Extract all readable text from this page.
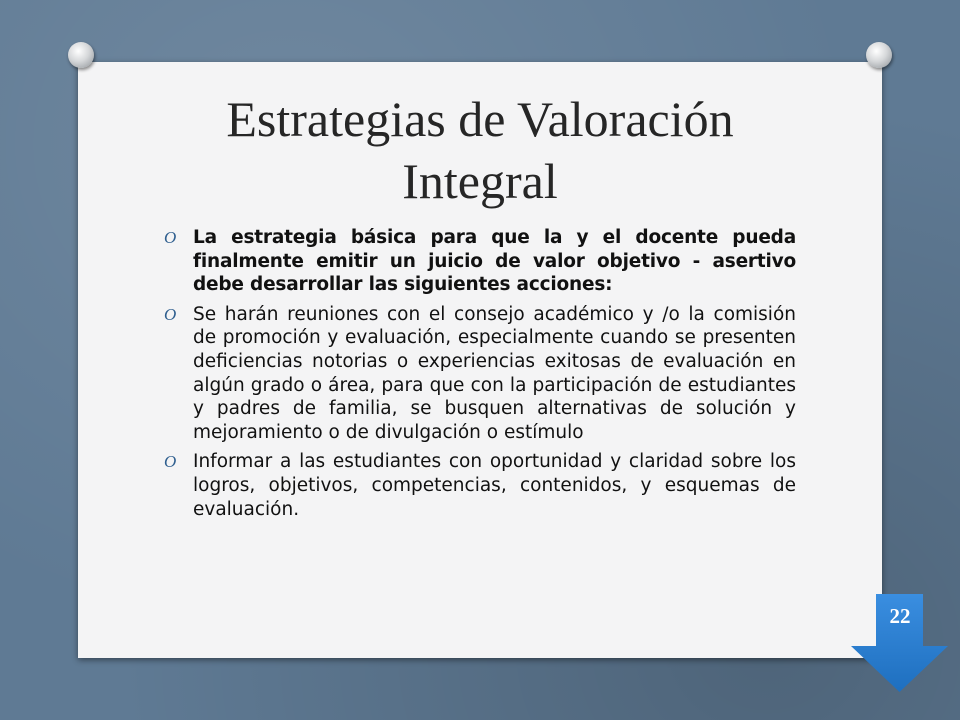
Estrategias de Valoración
Integral
O La estrategia básica para que la y el docente pueda finalmente emitir un juicio de valor objetivo - asertivo debe desarrollar las siguientes acciones:
O Se harán reuniones con el consejo académico y /o la comisión de promoción y evaluación, especialmente cuando se presenten deficiencias notorias o experiencias exitosas de evaluación en algún grado o área, para que con la participación de estudiantes y padres de familia, se busquen alternativas de solución y mejoramiento o de divulgación o estímulo
O Informar a las estudiantes con oportunidad y claridad sobre los logros, objetivos, competencias, contenidos, y esquemas de evaluación.
22
